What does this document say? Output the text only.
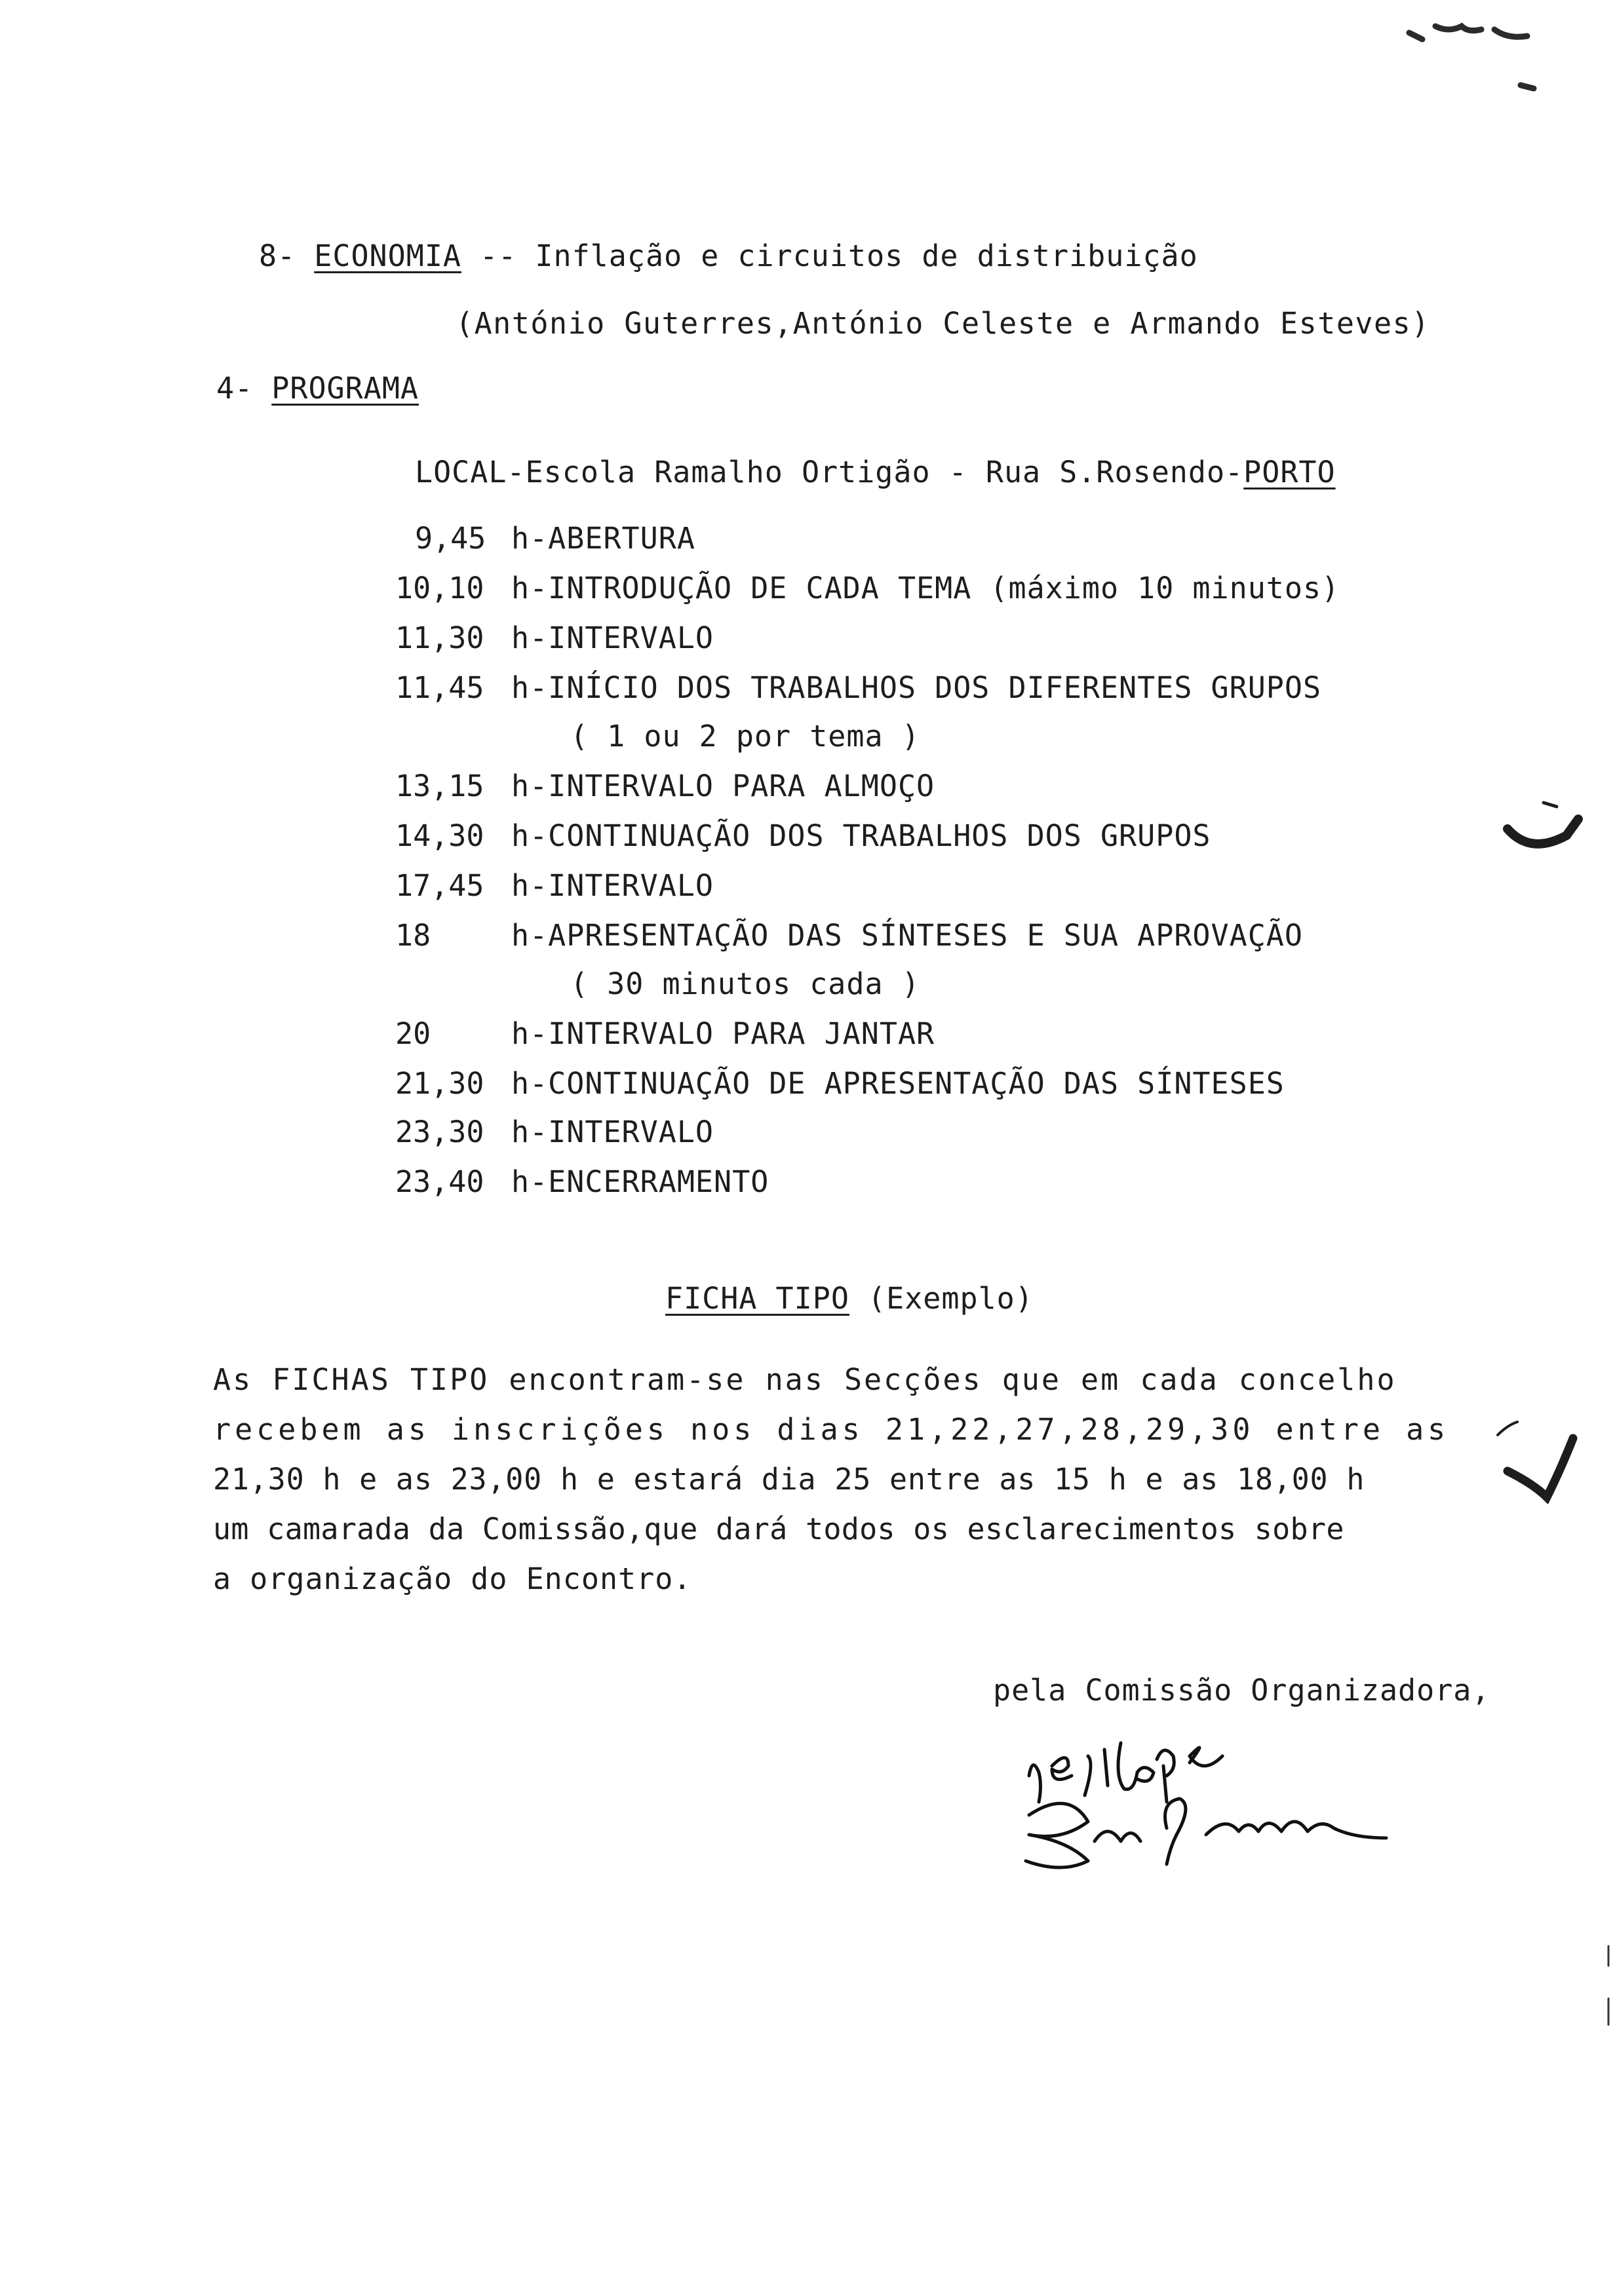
8- ECONOMIA -- Inflação e circuitos de distribuição
(António Guterres,António Celeste e Armando Esteves)
4- PROGRAMA
LOCAL-Escola Ramalho Ortigão - Rua S.Rosendo-PORTO
9,45 h-ABERTURA
10,10 h-INTRODUÇÃO DE CADA TEMA (máximo 10 minutos)
11,30 h-INTERVALO
11,45 h-INÍCIO DOS TRABALHOS DOS DIFERENTES GRUPOS
( 1 ou 2 por tema )
13,15 h-INTERVALO PARA ALMOÇO
14,30 h-CONTINUAÇÃO DOS TRABALHOS DOS GRUPOS
17,45 h-INTERVALO
18	h-APRESENTAÇÃO DAS SÍNTESES E SUA APROVAÇÃO
( 30 minutos cada )
20	h-INTERVALO PARA JANTAR
21,30 h-CONTINUAÇÃO DE APRESENTAÇÃO DAS SÍNTESES
23,30 h-INTERVALO
23,40 h-ENCERRAMENTO
FICHA TIPO (Exemplo)
As FICHAS TIPO encontram-se nas Secções que em cada concelho
recebem as inscrições nos dias 21,22,27,28,29,30 entre as
21,30 h e as 23,00 h e estará dia 25 entre as 15 h e as 18,00 h
um camarada da Comissão,que dará todos os esclarecimentos sobre
a organização do Encontro.
pela Comissão Organizadora,
